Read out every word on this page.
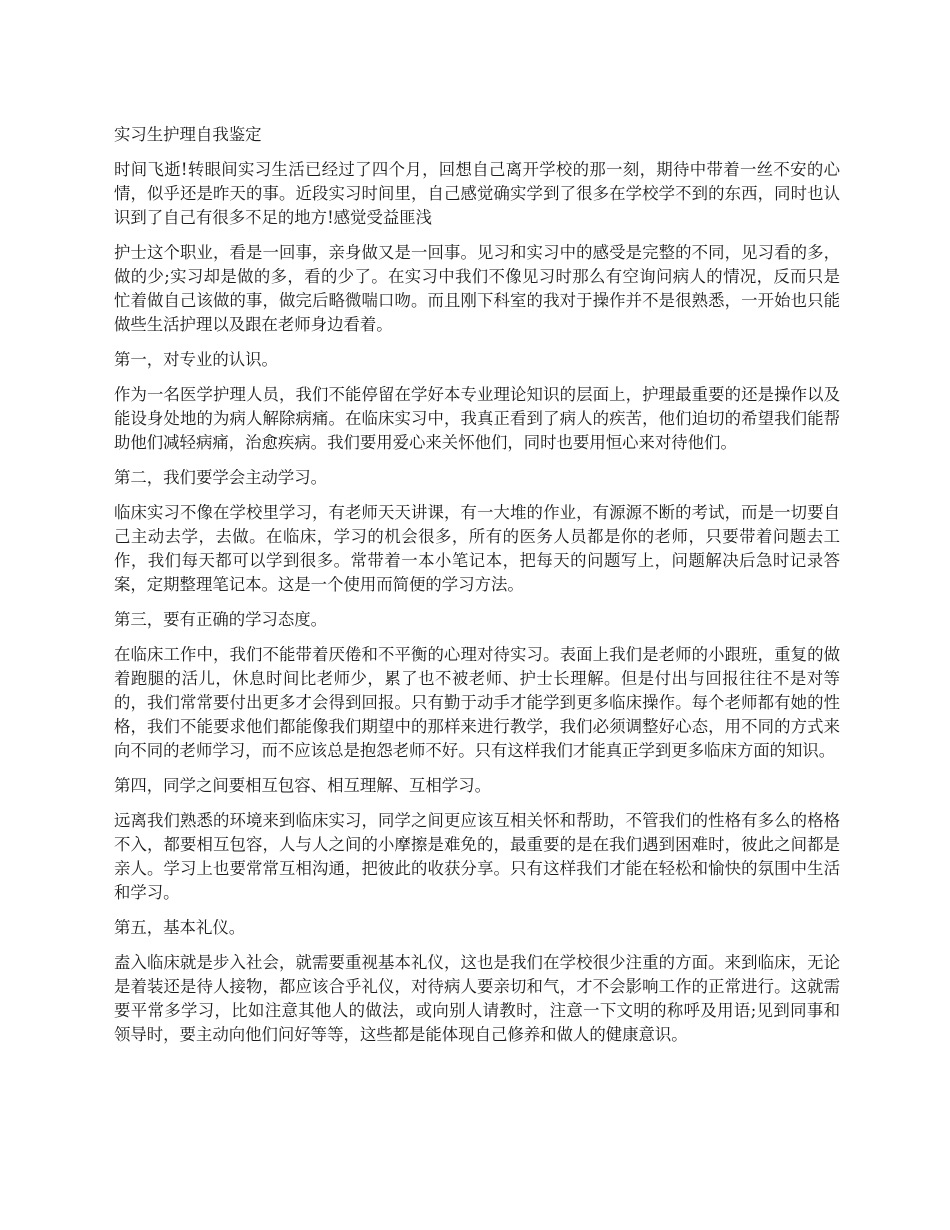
实习生护理自我鉴定
时间飞逝!转眼间实习生活已经过了四个月，回想自己离开学校的那一刻，期待中带着一丝不安的心情，似乎还是昨天的事。近段实习时间里，自己感觉确实学到了很多在学校学不到的东西，同时也认识到了自己有很多不足的地方!感觉受益匪浅
护士这个职业，看是一回事，亲身做又是一回事。见习和实习中的感受是完整的不同，见习看的多，做的少;实习却是做的多，看的少了。在实习中我们不像见习时那么有空询问病人的情况，反而只是忙着做自己该做的事，做完后略微喘口吻。而且刚下科室的我对于操作并不是很熟悉，一开始也只能做些生活护理以及跟在老师身边看着。
第一，对专业的认识。
作为一名医学护理人员，我们不能停留在学好本专业理论知识的层面上，护理最重要的还是操作以及能设身处地的为病人解除病痛。在临床实习中，我真正看到了病人的疾苦，他们迫切的希望我们能帮助他们减轻病痛，治愈疾病。我们要用爱心来关怀他们，同时也要用恒心来对待他们。
第二，我们要学会主动学习。
临床实习不像在学校里学习，有老师天天讲课，有一大堆的作业，有源源不断的考试，而是一切要自己主动去学，去做。在临床，学习的机会很多，所有的医务人员都是你的老师，只要带着问题去工作，我们每天都可以学到很多。常带着一本小笔记本，把每天的问题写上，问题解决后急时记录答案，定期整理笔记本。这是一个使用而简便的学习方法。
第三，要有正确的学习态度。
在临床工作中，我们不能带着厌倦和不平衡的心理对待实习。表面上我们是老师的小跟班，重复的做着跑腿的活儿，休息时间比老师少，累了也不被老师、护士长理解。但是付出与回报往往不是对等的，我们常常要付出更多才会得到回报。只有勤于动手才能学到更多临床操作。每个老师都有她的性格，我们不能要求他们都能像我们期望中的那样来进行教学，我们必须调整好心态，用不同的方式来向不同的老师学习，而不应该总是抱怨老师不好。只有这样我们才能真正学到更多临床方面的知识。
第四，同学之间要相互包容、相互理解、互相学习。
远离我们熟悉的环境来到临床实习，同学之间更应该互相关怀和帮助，不管我们的性格有多么的格格不入，都要相互包容，人与人之间的小摩擦是难免的，最重要的是在我们遇到困难时，彼此之间都是亲人。学习上也要常常互相沟通，把彼此的收获分享。只有这样我们才能在轻松和愉快的氛围中生活和学习。
第五，基本礼仪。
盍入临床就是步入社会，就需要重视基本礼仪，这也是我们在学校很少注重的方面。来到临床，无论是着装还是待人接物，都应该合乎礼仪，对待病人要亲切和气，才不会影响工作的正常进行。这就需要平常多学习，比如注意其他人的做法，或向别人请教时，注意一下文明的称呼及用语;见到同事和领导时，要主动向他们问好等等，这些都是能体现自己修养和做人的健康意识。
